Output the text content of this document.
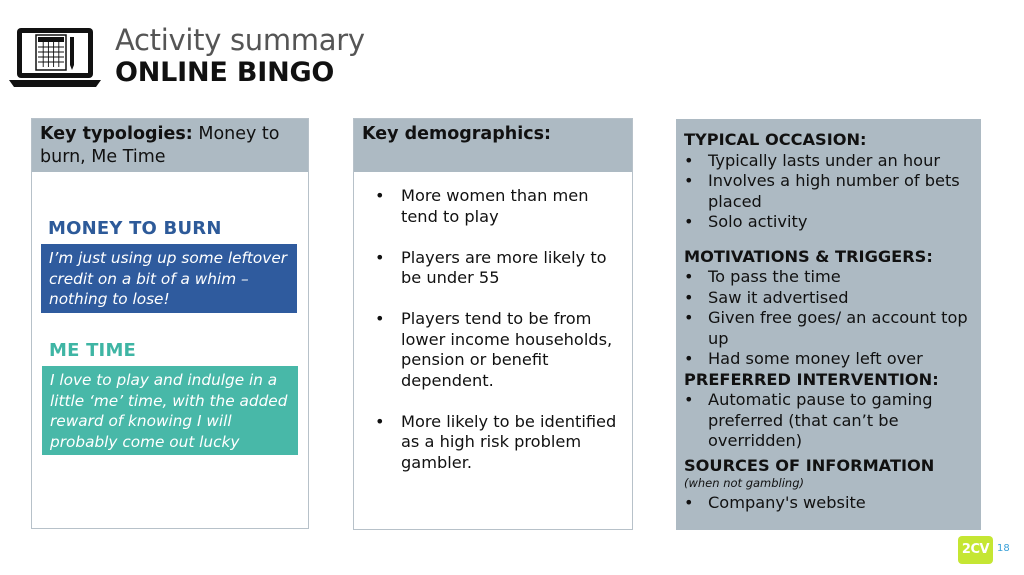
Activity summary
ONLINE BINGO
Key typologies: Money to burn, Me Time
MONEY TO BURN
I’m just using up some leftover credit on a bit of a whim – nothing to lose!
ME TIME
I love to play and indulge in a little ‘me’ time, with the added reward of knowing I will probably come out lucky
Key demographics:
• More women than men tend to play
• Players are more likely to be under 55
• Players tend to be from lower income households, pension or benefit dependent.
• More likely to be identified as a high risk problem gambler.
TYPICAL OCCASION:
• Typically lasts under an hour
• Involves a high number of bets placed
• Solo activity
MOTIVATIONS & TRIGGERS:
• To pass the time
• Saw it advertised
• Given free goes/ an account top up
• Had some money left over
PREFERRED INTERVENTION:
• Automatic pause to gaming preferred (that can’t be overridden)
SOURCES OF INFORMATION
(when not gambling)
• Company's website
2CV 18
